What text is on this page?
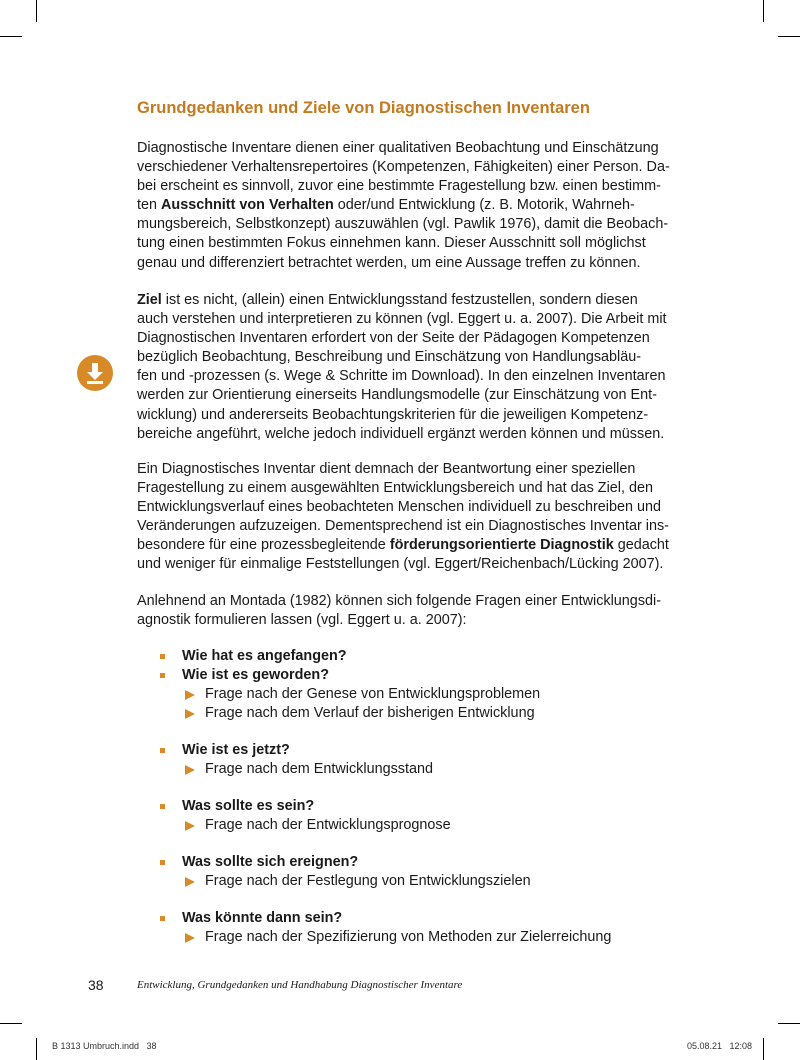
Grundgedanken und Ziele von Diagnostischen Inventaren
Diagnostische Inventare dienen einer qualitativen Beobachtung und Einschätzung
verschiedener Verhaltensrepertoires (Kompetenzen, Fähigkeiten) einer Person. Da-
bei erscheint es sinnvoll, zuvor eine bestimmte Fragestellung bzw. einen bestimm-
ten Ausschnitt von Verhalten oder/und Entwicklung (z. B. Motorik, Wahrneh-
mungsbereich, Selbstkonzept) auszuwählen (vgl. Pawlik 1976), damit die Beobach-
tung einen bestimmten Fokus einnehmen kann. Dieser Ausschnitt soll möglichst
genau und differenziert betrachtet werden, um eine Aussage treffen zu können.
Ziel ist es nicht, (allein) einen Entwicklungsstand festzustellen, sondern diesen
auch verstehen und interpretieren zu können (vgl. Eggert u. a. 2007). Die Arbeit mit
Diagnostischen Inventaren erfordert von der Seite der Pädagogen Kompetenzen
bezüglich Beobachtung, Beschreibung und Einschätzung von Handlungsabläu-
fen und -prozessen (s. Wege & Schritte im Download). In den einzelnen Inventaren
werden zur Orientierung einerseits Handlungsmodelle (zur Einschätzung von Ent-
wicklung) und andererseits Beobachtungskriterien für die jeweiligen Kompetenz-
bereiche angeführt, welche jedoch individuell ergänzt werden können und müssen.
Ein Diagnostisches Inventar dient demnach der Beantwortung einer speziellen
Fragestellung zu einem ausgewählten Entwicklungsbereich und hat das Ziel, den
Entwicklungsverlauf eines beobachteten Menschen individuell zu beschreiben und
Veränderungen aufzuzeigen. Dementsprechend ist ein Diagnostisches Inventar ins-
besondere für eine prozessbegleitende förderungsorientierte Diagnostik gedacht
und weniger für einmalige Feststellungen (vgl. Eggert/Reichenbach/Lücking 2007).
Anlehnend an Montada (1982) können sich folgende Fragen einer Entwicklungsdi-
agnostik formulieren lassen (vgl. Eggert u. a. 2007):
Wie hat es angefangen?
Wie ist es geworden?
Frage nach der Genese von Entwicklungsproblemen
Frage nach dem Verlauf der bisherigen Entwicklung
Wie ist es jetzt?
Frage nach dem Entwicklungsstand
Was sollte es sein?
Frage nach der Entwicklungsprognose
Was sollte sich ereignen?
Frage nach der Festlegung von Entwicklungszielen
Was könnte dann sein?
Frage nach der Spezifizierung von Methoden zur Zielerreichung
38	Entwicklung, Grundgedanken und Handhabung Diagnostischer Inventare
B 1313 Umbruch.indd   38	05.08.21   12:08
